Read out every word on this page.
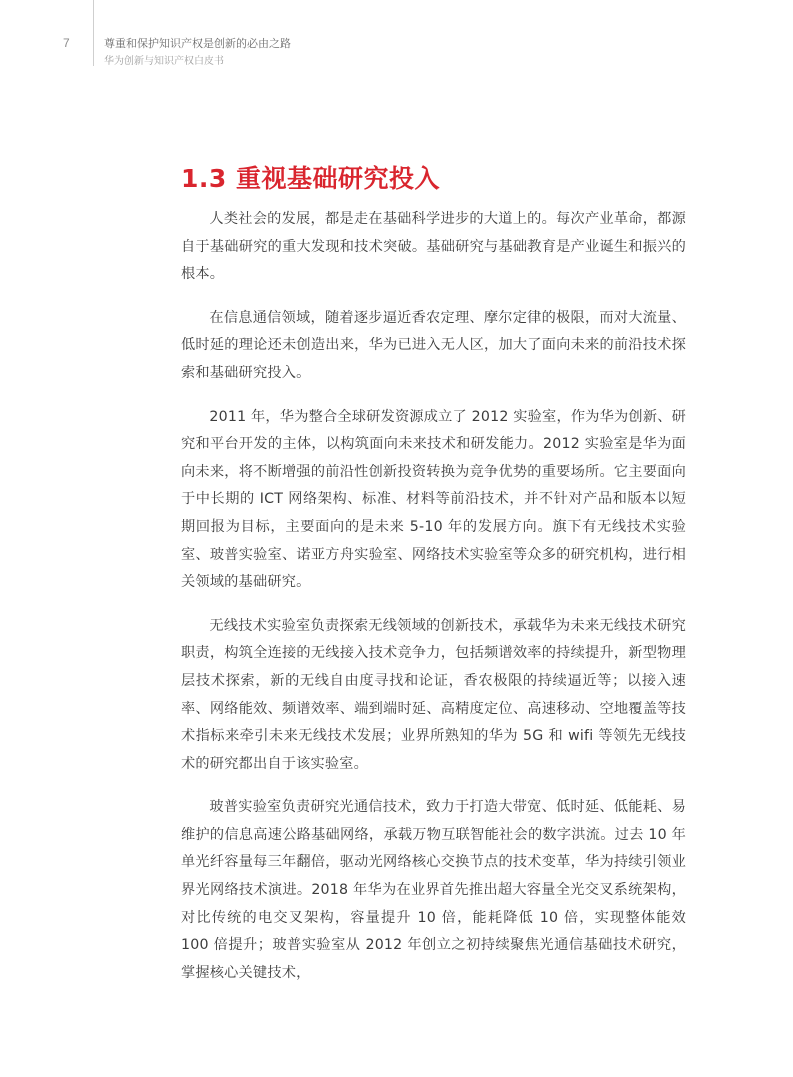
7	尊重和保护知识产权是创新的必由之路
华为创新与知识产权白皮书
1.3 重视基础研究投入

人类社会的发展，都是走在基础科学进步的大道上的。每次产业革命，都源自于基础研究的重大发现和技术突破。基础研究与基础教育是产业诞生和振兴的根本。

在信息通信领域，随着逐步逼近香农定理、摩尔定律的极限，而对大流量、低时延的理论还未创造出来，华为已进入无人区，加大了面向未来的前沿技术探索和基础研究投入。

2011 年，华为整合全球研发资源成立了 2012 实验室，作为华为创新、研究和平台开发的主体，以构筑面向未来技术和研发能力。2012 实验室是华为面向未来，将不断增强的前沿性创新投资转换为竞争优势的重要场所。它主要面向于中长期的 ICT 网络架构、标准、材料等前沿技术，并不针对产品和版本以短期回报为目标，主要面向的是未来 5-10 年的发展方向。旗下有无线技术实验室、玻普实验室、诺亚方舟实验室、网络技术实验室等众多的研究机构，进行相关领域的基础研究。

无线技术实验室负责探索无线领域的创新技术，承载华为未来无线技术研究职责，构筑全连接的无线接入技术竞争力，包括频谱效率的持续提升，新型物理层技术探索，新的无线自由度寻找和论证，香农极限的持续逼近等；以接入速率、网络能效、频谱效率、端到端时延、高精度定位、高速移动、空地覆盖等技术指标来牵引未来无线技术发展；业界所熟知的华为 5G 和 wifi 等领先无线技术的研究都出自于该实验室。

玻普实验室负责研究光通信技术，致力于打造大带宽、低时延、低能耗、易维护的信息高速公路基础网络，承载万物互联智能社会的数字洪流。过去 10 年单光纤容量每三年翻倍，驱动光网络核心交换节点的技术变革，华为持续引领业界光网络技术演进。2018 年华为在业界首先推出超大容量全光交叉系统架构，对比传统的电交叉架构，容量提升 10 倍，能耗降低 10 倍，实现整体能效 100 倍提升；玻普实验室从 2012 年创立之初持续聚焦光通信基础技术研究，掌握核心关键技术，
